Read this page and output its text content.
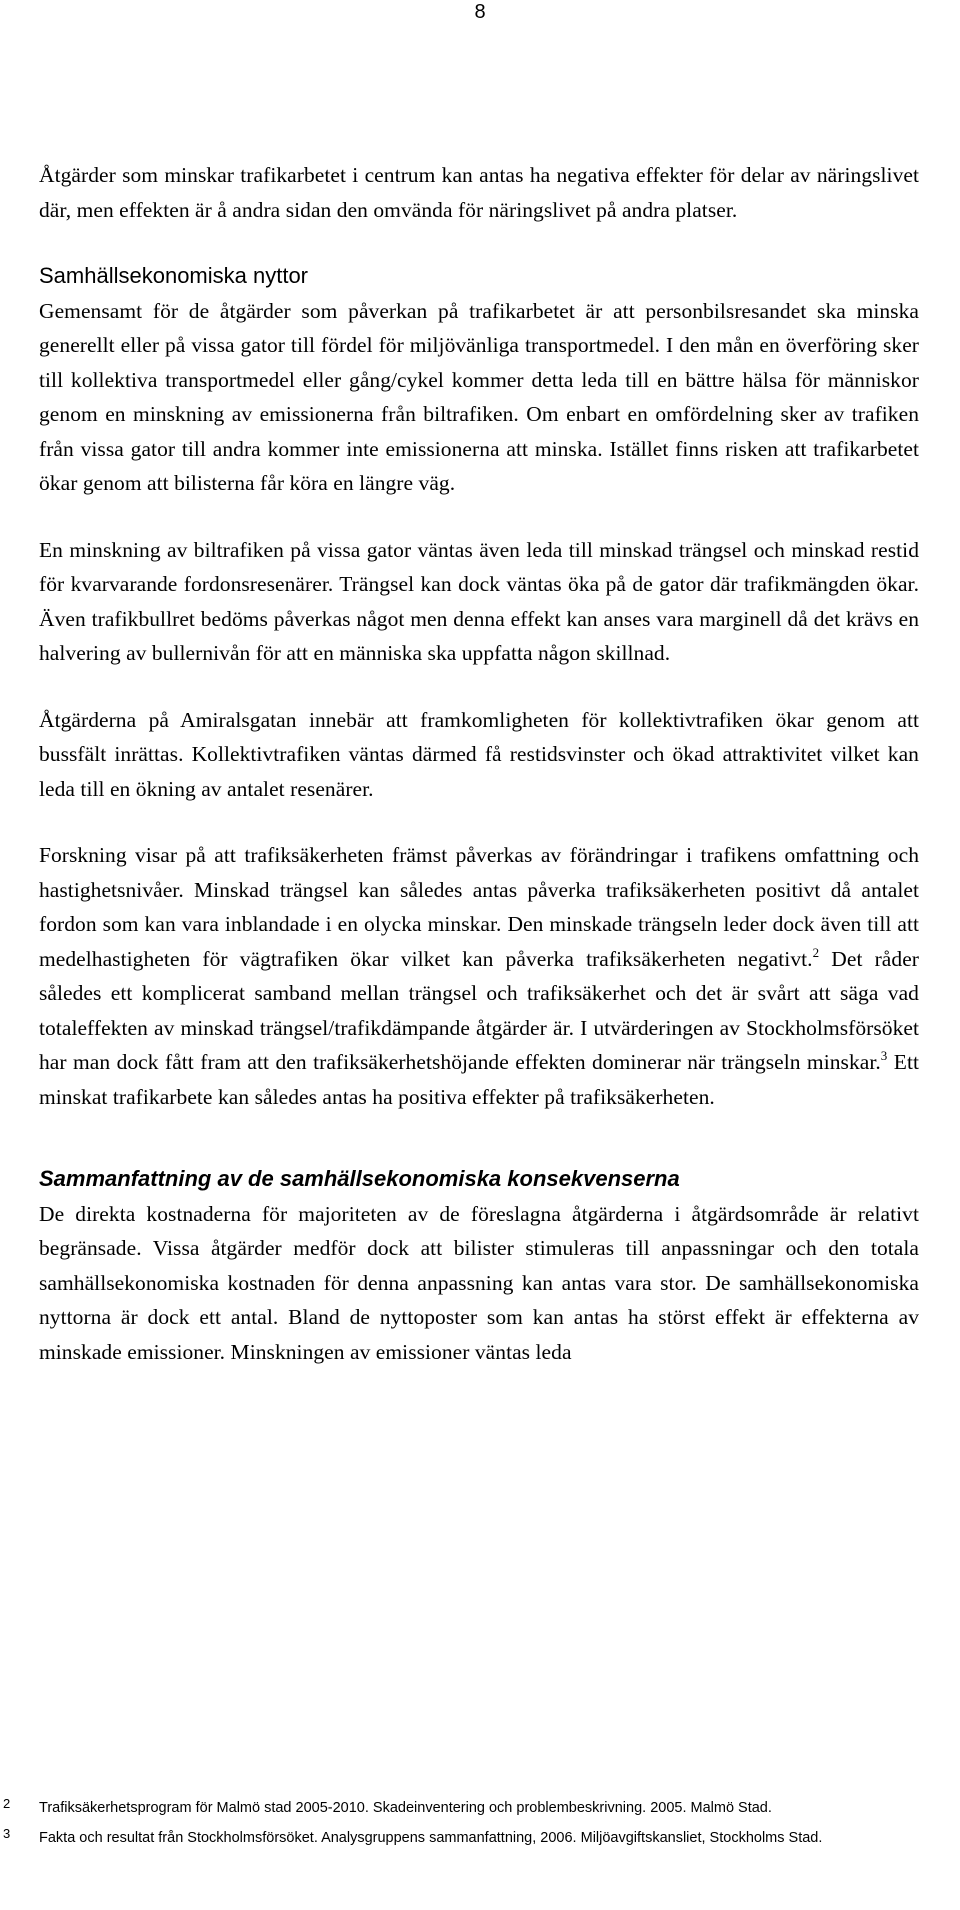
8

Åtgärder som minskar trafikarbetet i centrum kan antas ha negativa effekter för delar av näringslivet där, men effekten är å andra sidan den omvända för näringslivet på andra platser.

Samhällsekonomiska nyttor

Gemensamt för de åtgärder som påverkan på trafikarbetet är att personbilsresandet ska minska generellt eller på vissa gator till fördel för miljövänliga transportmedel. I den mån en överföring sker till kollektiva transportmedel eller gång/cykel kommer detta leda till en bättre hälsa för människor genom en minskning av emissionerna från biltrafiken. Om enbart en omfördelning sker av trafiken från vissa gator till andra kommer inte emissionerna att minska. Istället finns risken att trafikarbetet ökar genom att bilisterna får köra en längre väg.

En minskning av biltrafiken på vissa gator väntas även leda till minskad trängsel och minskad restid för kvarvarande fordonsresenärer. Trängsel kan dock väntas öka på de gator där trafikmängden ökar. Även trafikbullret bedöms påverkas något men denna effekt kan anses vara marginell då det krävs en halvering av bullernivån för att en människa ska uppfatta någon skillnad.

Åtgärderna på Amiralsgatan innebär att framkomligheten för kollektivtrafiken ökar genom att bussfält inrättas. Kollektivtrafiken väntas därmed få restidsvinster och ökad attraktivitet vilket kan leda till en ökning av antalet resenärer.

Forskning visar på att trafiksäkerheten främst påverkas av förändringar i trafikens omfattning och hastighetsnivåer. Minskad trängsel kan således antas påverka trafiksäkerheten positivt då antalet fordon som kan vara inblandade i en olycka minskar. Den minskade trängseln leder dock även till att medelhastigheten för vägtrafiken ökar vilket kan påverka trafiksäkerheten negativt.$^2$ Det råder således ett komplicerat samband mellan trängsel och trafiksäkerhet och det är svårt att säga vad totaleffekten av minskad trängsel/trafikdämpande åtgärder är. I utvärderingen av Stockholmsförsöket har man dock fått fram att den trafiksäkerhetshöjande effekten dominerar när trängseln minskar.$^3$ Ett minskat trafikarbete kan således antas ha positiva effekter på trafiksäkerheten.

Sammanfattning av de samhällsekonomiska konsekvenserna

De direkta kostnaderna för majoriteten av de föreslagna åtgärderna i åtgärdsområde är relativt begränsade. Vissa åtgärder medför dock att bilister stimuleras till anpassningar och den totala samhällsekonomiska kostnaden för denna anpassning kan antas vara stor. De samhällsekonomiska nyttorna är dock ett antal. Bland de nyttoposter som kan antas ha störst effekt är effekterna av minskade emissioner. Minskningen av emissioner väntas leda

2 Trafiksäkerhetsprogram för Malmö stad 2005-2010. Skadeinventering och problembeskrivning. 2005. Malmö Stad.
3 Fakta och resultat från Stockholmsförsöket. Analysgruppens sammanfattning, 2006. Miljöavgiftskansliet, Stockholms Stad.
